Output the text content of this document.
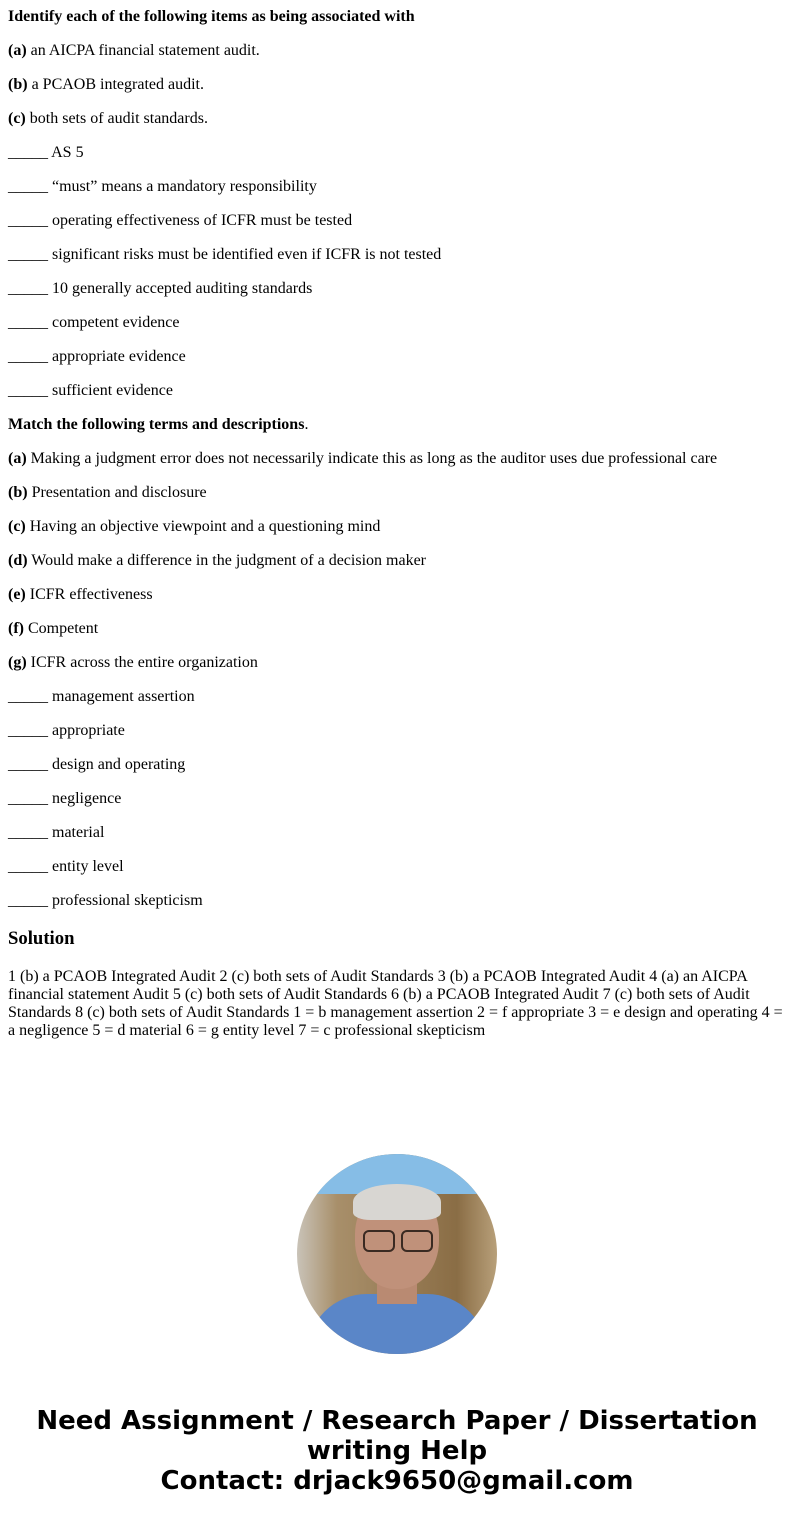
Identify each of the following items as being associated with

(a) an AICPA financial statement audit.

(b) a PCAOB integrated audit.

(c) both sets of audit standards.

_____ AS 5

_____ “must” means a mandatory responsibility

_____ operating effectiveness of ICFR must be tested

_____ significant risks must be identified even if ICFR is not tested

_____ 10 generally accepted auditing standards

_____ competent evidence

_____ appropriate evidence

_____ sufficient evidence

Match the following terms and descriptions.

(a) Making a judgment error does not necessarily indicate this as long as the auditor uses due professional care

(b) Presentation and disclosure

(c) Having an objective viewpoint and a questioning mind

(d) Would make a difference in the judgment of a decision maker

(e) ICFR effectiveness

(f) Competent

(g) ICFR across the entire organization

_____ management assertion

_____ appropriate

_____ design and operating

_____ negligence

_____ material

_____ entity level

_____ professional skepticism

Solution
1 (b) a PCAOB Integrated Audit 2 (c) both sets of Audit Standards 3 (b) a PCAOB Integrated Audit 4 (a) an AICPA financial statement Audit 5 (c) both sets of Audit Standards 6 (b) a PCAOB Integrated Audit 7 (c) both sets of Audit Standards 8 (c) both sets of Audit Standards 1 = b management assertion 2 = f appropriate 3 = e design and operating 4 = a negligence 5 = d material 6 = g entity level 7 = c professional skepticism
Need Assignment / Research Paper / Dissertation writing Help
Contact: drjack9650@gmail.com
